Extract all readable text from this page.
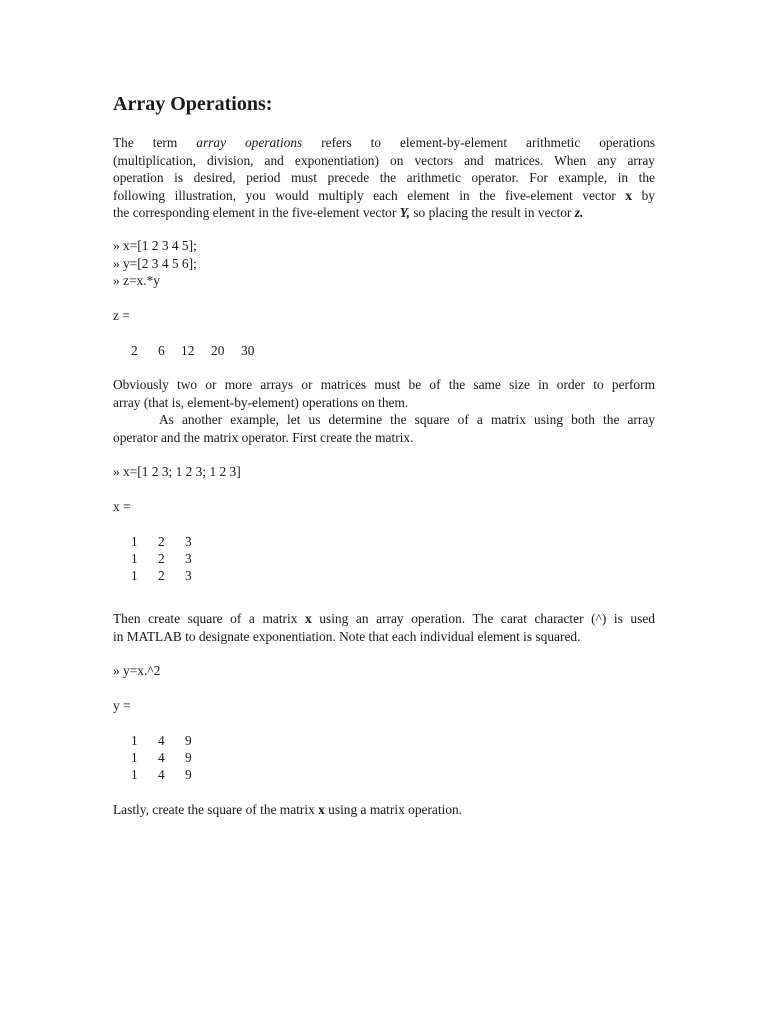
Array Operations:
The term array operations refers to element-by-element arithmetic operations
(multiplication, division, and exponentiation) on vectors and matrices. When any array
operation is desired, period must precede the arithmetic operator. For example, in the
following illustration, you would multiply each element in the five-element vector x by
the corresponding element in the five-element vector Y, so placing the result in vector z.
» x=[1 2 3 4 5];
» y=[2 3 4 5 6];
» z=x.*y
z =
2 6 12 20 30
Obviously two or more arrays or matrices must be of the same size in order to perform
array (that is, element-by-element) operations on them.
As another example, let us determine the square of a matrix using both the array
operator and the matrix operator. First create the matrix.
» x=[1 2 3; 1 2 3; 1 2 3]
x =
1 2 3
1 2 3
1 2 3
Then create square of a matrix x using an array operation. The carat character (^) is used
in MATLAB to designate exponentiation. Note that each individual element is squared.
» y=x.^2
y =
1 4 9
1 4 9
1 4 9
Lastly, create the square of the matrix x using a matrix operation.
